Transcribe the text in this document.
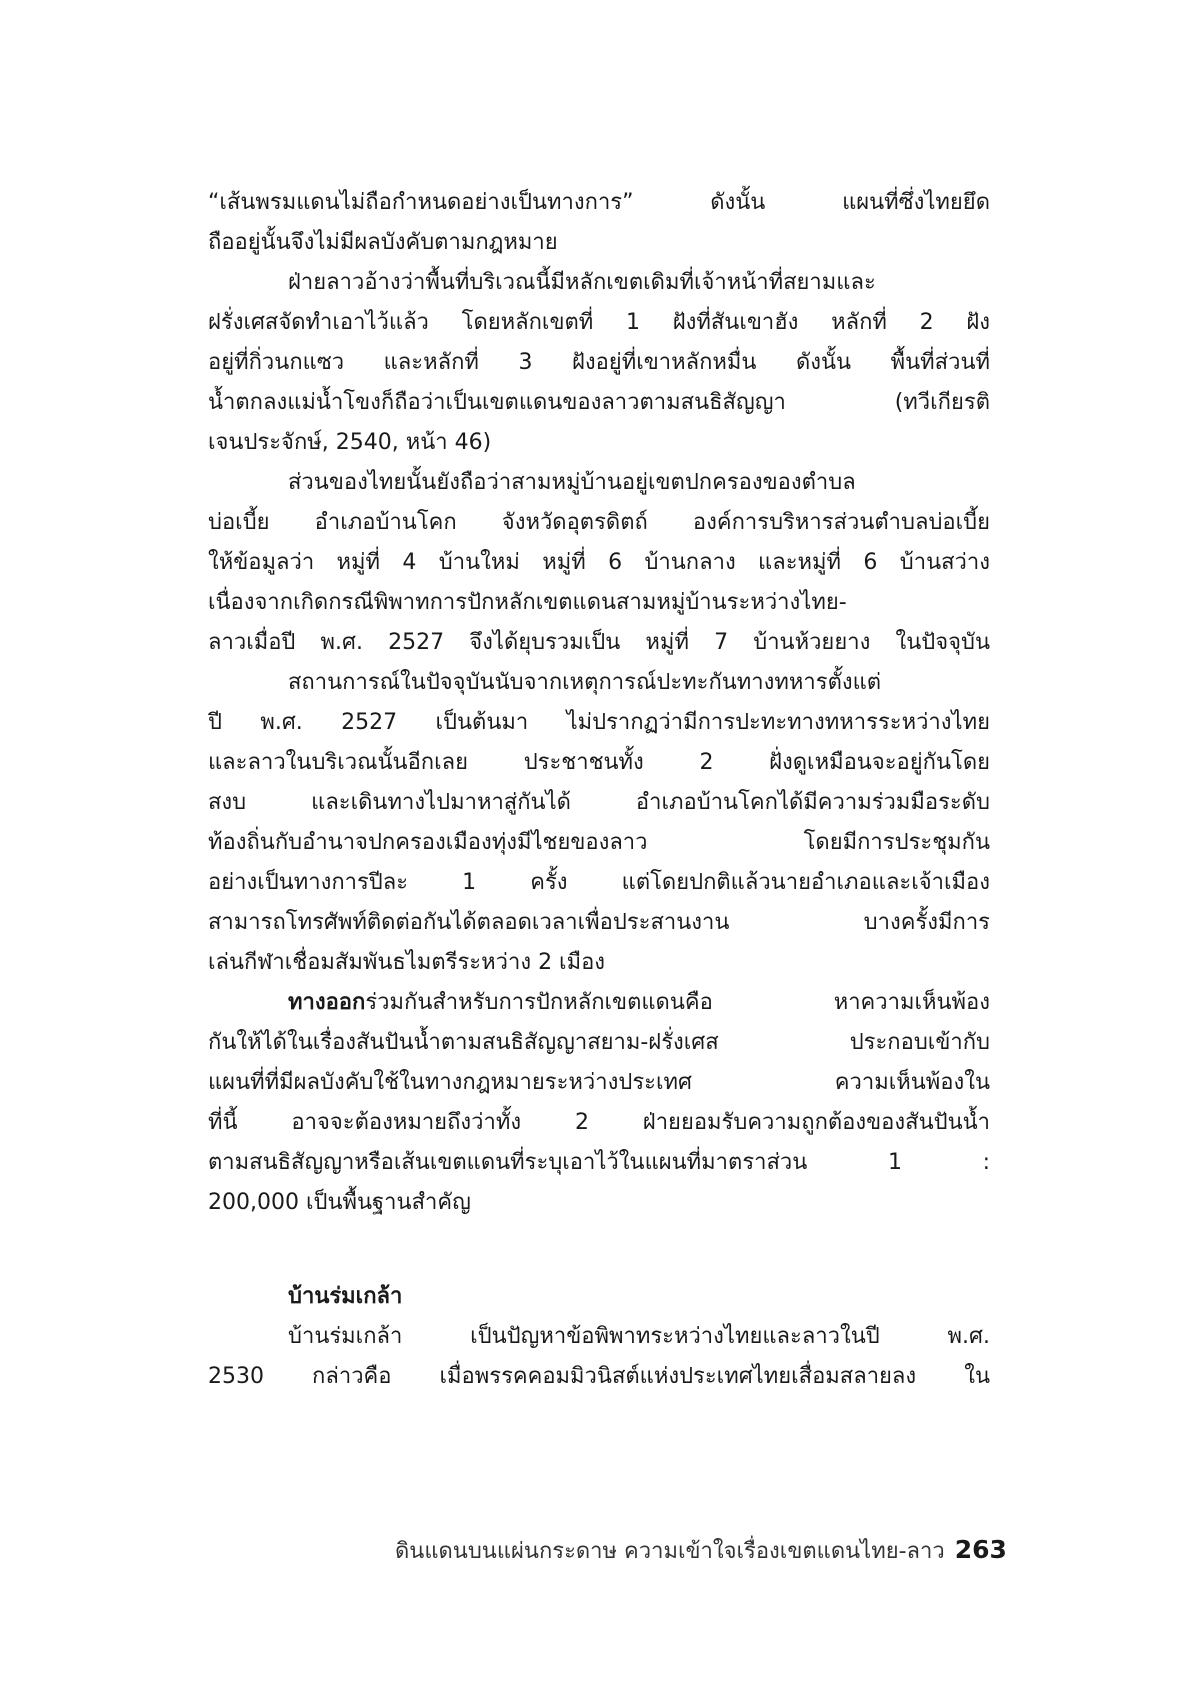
“เส้นพรมแดนไม่ถือกำหนดอย่างเป็นทางการ” ดังนั้น แผนที่ซึ่งไทยยึด
ถืออยู่นั้นจึงไม่มีผลบังคับตามกฎหมาย
ฝ่ายลาวอ้างว่าพื้นที่บริเวณนี้มีหลักเขตเดิมที่เจ้าหน้าที่สยามและ
ฝรั่งเศสจัดทำเอาไว้แล้ว โดยหลักเขตที่ 1 ฝังที่สันเขาฮัง หลักที่ 2 ฝัง
อยู่ที่กิ่วนกแซว และหลักที่ 3 ฝังอยู่ที่เขาหลักหมื่น ดังนั้น พื้นที่ส่วนที่
น้ำตกลงแม่น้ำโขงก็ถือว่าเป็นเขตแดนของลาวตามสนธิสัญญา (ทวีเกียรติ
เจนประจักษ์, 2540, หน้า 46)
ส่วนของไทยนั้นยังถือว่าสามหมู่บ้านอยู่เขตปกครองของตำบล
บ่อเบี้ย อำเภอบ้านโคก จังหวัดอุตรดิตถ์ องค์การบริหารส่วนตำบลบ่อเบี้ย
ให้ข้อมูลว่า หมู่ที่ 4 บ้านใหม่ หมู่ที่ 6 บ้านกลาง และหมู่ที่ 6 บ้านสว่าง
เนื่องจากเกิดกรณีพิพาทการปักหลักเขตแดนสามหมู่บ้านระหว่างไทย-
ลาวเมื่อปี พ.ศ. 2527 จึงได้ยุบรวมเป็น หมู่ที่ 7 บ้านห้วยยาง ในปัจจุบัน
สถานการณ์ในปัจจุบันนับจากเหตุการณ์ปะทะกันทางทหารตั้งแต่
ปี พ.ศ. 2527 เป็นต้นมา ไม่ปรากฏว่ามีการปะทะทางทหารระหว่างไทย
และลาวในบริเวณนั้นอีกเลย ประชาชนทั้ง 2 ฝั่งดูเหมือนจะอยู่กันโดย
สงบ และเดินทางไปมาหาสู่กันได้ อำเภอบ้านโคกได้มีความร่วมมือระดับ
ท้องถิ่นกับอำนาจปกครองเมืองทุ่งมีไชยของลาว โดยมีการประชุมกัน
อย่างเป็นทางการปีละ 1 ครั้ง แต่โดยปกติแล้วนายอำเภอและเจ้าเมือง
สามารถโทรศัพท์ติดต่อกันได้ตลอดเวลาเพื่อประสานงาน บางครั้งมีการ
เล่นกีฬาเชื่อมสัมพันธไมตรีระหว่าง 2 เมือง
ทางออกร่วมกันสำหรับการปักหลักเขตแดนคือ หาความเห็นพ้อง
กันให้ได้ในเรื่องสันปันน้ำตามสนธิสัญญาสยาม-ฝรั่งเศส ประกอบเข้ากับ
แผนที่ที่มีผลบังคับใช้ในทางกฎหมายระหว่างประเทศ ความเห็นพ้องใน
ที่นี้ อาจจะต้องหมายถึงว่าทั้ง 2 ฝ่ายยอมรับความถูกต้องของสันปันน้ำ
ตามสนธิสัญญาหรือเส้นเขตแดนที่ระบุเอาไว้ในแผนที่มาตราส่วน 1 :
200,000 เป็นพื้นฐานสำคัญ
บ้านร่มเกล้า
บ้านร่มเกล้า เป็นปัญหาข้อพิพาทระหว่างไทยและลาวในปี พ.ศ.
2530 กล่าวคือ เมื่อพรรคคอมมิวนิสต์แห่งประเทศไทยเสื่อมสลายลง ใน
ดินแดนบนแผ่นกระดาษ ความเข้าใจเรื่องเขตแดนไทย-ลาว 263
